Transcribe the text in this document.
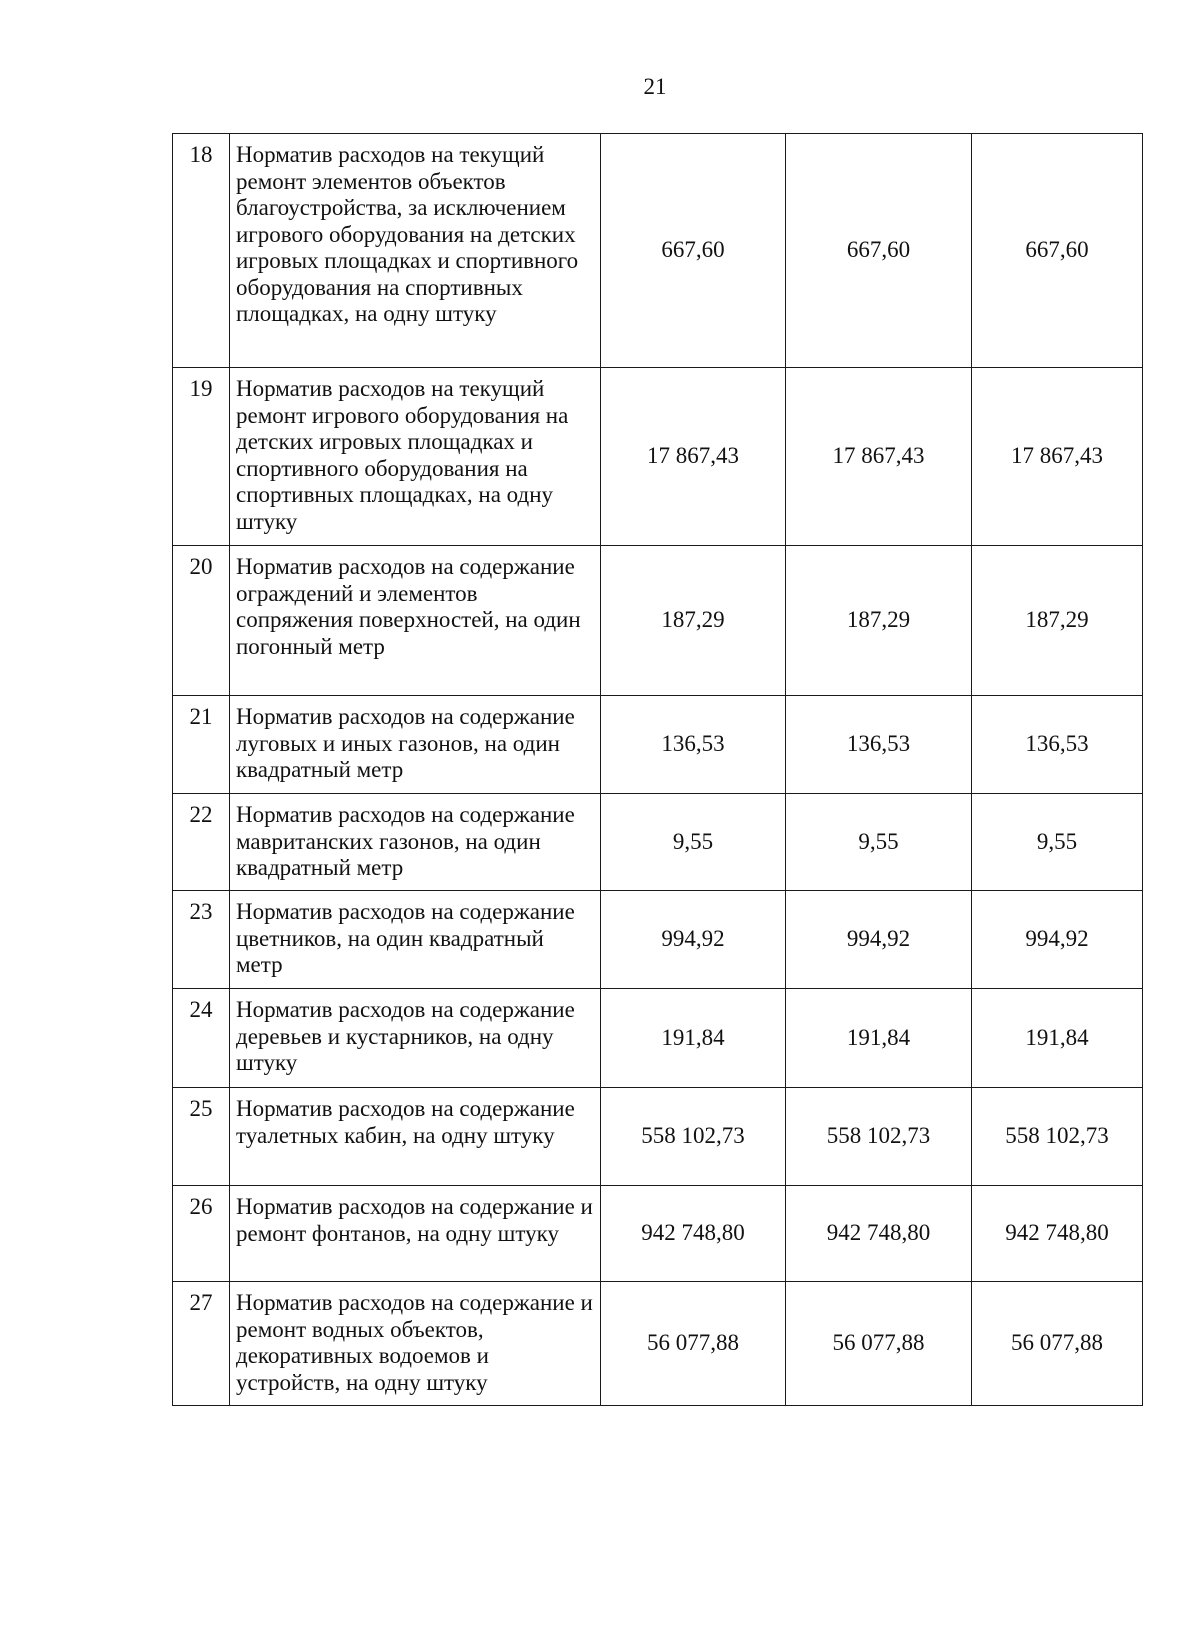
21
18	Норматив расходов на текущий ремонт элементов объектов благоустройства, за исключением игрового оборудования на детских игровых площадках и спортивного оборудования на спортивных площадках, на одну штуку	667,60	667,60	667,60
19	Норматив расходов на текущий ремонт игрового оборудования на детских игровых площадках и спортивного оборудования на спортивных площадках, на одну штуку	17 867,43	17 867,43	17 867,43
20	Норматив расходов на содержание ограждений и элементов сопряжения поверхностей, на один погонный метр	187,29	187,29	187,29
21	Норматив расходов на содержание луговых и иных газонов, на один квадратный метр	136,53	136,53	136,53
22	Норматив расходов на содержание мавританских газонов, на один квадратный метр	9,55	9,55	9,55
23	Норматив расходов на содержание цветников, на один квадратный метр	994,92	994,92	994,92
24	Норматив расходов на содержание деревьев и кустарников, на одну штуку	191,84	191,84	191,84
25	Норматив расходов на содержание туалетных кабин, на одну штуку	558 102,73	558 102,73	558 102,73
26	Норматив расходов на содержание и ремонт фонтанов, на одну штуку	942 748,80	942 748,80	942 748,80
27	Норматив расходов на содержание и ремонт водных объектов, декоративных водоемов и устройств, на одну штуку	56 077,88	56 077,88	56 077,88
